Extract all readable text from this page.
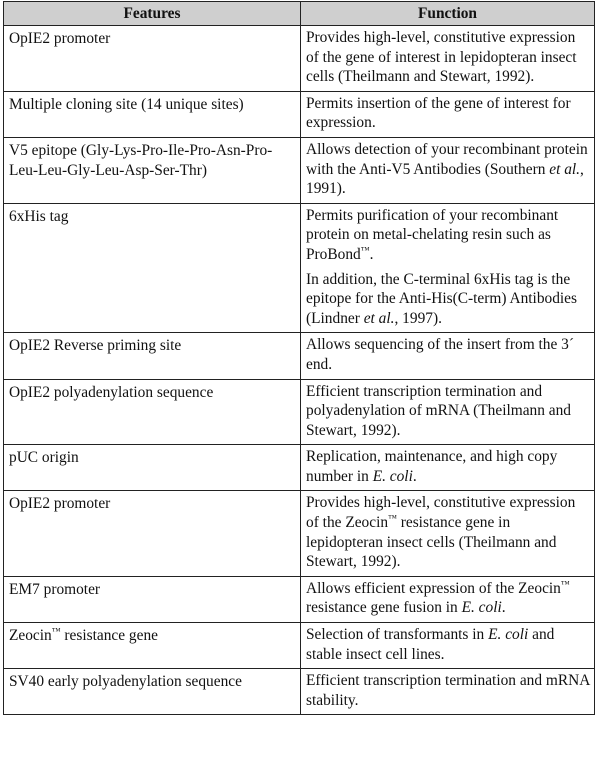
Features	Function
OpIE2 promoter	Provides high-level, constitutive expression of the gene of interest in lepidopteran insect cells (Theilmann and Stewart, 1992).

Multiple cloning site (14 unique sites)	Permits insertion of the gene of interest for expression.

V5 epitope (Gly-Lys-Pro-Ile-Pro-Asn-Pro-Leu-Leu-Gly-Leu-Asp-Ser-Thr)	Allows detection of your recombinant protein with the Anti-V5 Antibodies (Southern et al., 1991).

6xHis tag	Permits purification of your recombinant protein on metal-chelating resin such as ProBond™.
In addition, the C-terminal 6xHis tag is the epitope for the Anti-His(C-term) Antibodies (Lindner et al., 1997).

OpIE2 Reverse priming site	Allows sequencing of the insert from the 3´ end.

OpIE2 polyadenylation sequence	Efficient transcription termination and polyadenylation of mRNA (Theilmann and Stewart, 1992).

pUC origin	Replication, maintenance, and high copy number in E. coli.

OpIE2 promoter	Provides high-level, constitutive expression of the Zeocin™ resistance gene in lepidopteran insect cells (Theilmann and Stewart, 1992).

EM7 promoter	Allows efficient expression of the Zeocin™ resistance gene fusion in E. coli.

Zeocin™ resistance gene	Selection of transformants in E. coli and stable insect cell lines.

SV40 early polyadenylation sequence	Efficient transcription termination and mRNA stability.
